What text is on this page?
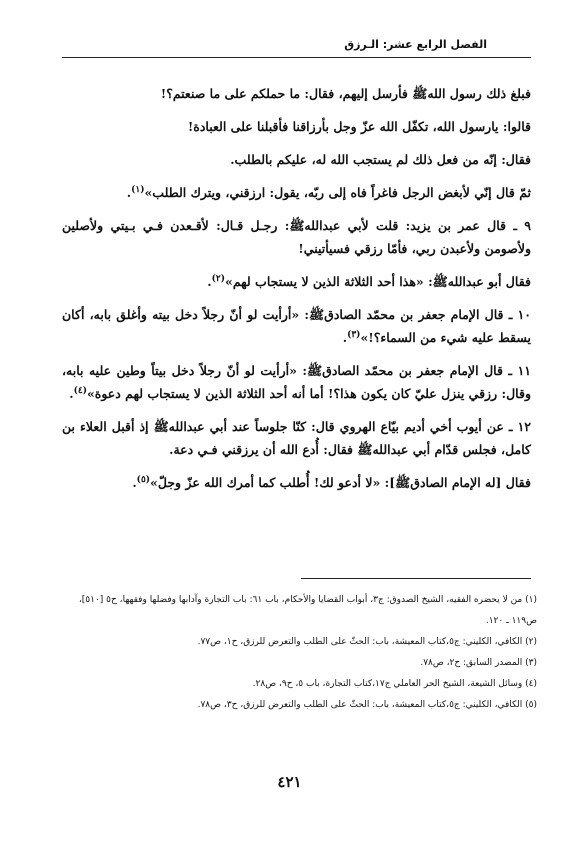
الفصل الرابع عشر: الـرزق

فبلغ ذلك رسول اللهﷺ فأرسل إليهم، فقال: ما حملكم على ما صنعتم؟!

قالوا: يارسول الله، تكفّل الله عزّ وجل بأرزاقنا فأقبلنا على العبادة!

فقال: إنّه من فعل ذلك لم يستجب الله له، عليكم بالطلب.

ثمّ قال إنّي لأبغض الرجل فاغراً فاه إلى ربّه، يقول: ارزقني، ويترك الطلب»$^{(١)}$.

٩ ـ قال عمر بن يزيد: قلت لأبي عبداللهﷺ: رجـل قـال: لأقـعدن فـي بـيتي ولأصلين ولأصومن ولأعبدن ربي، فأمّا رزقي فسيأتيني!

فقال أبو عبداللهﷺ: «هذا أحد الثلاثة الذين لا يستجاب لهم»$^{(٢)}$.

١٠ ـ قال الإمام جعفر بن محمّد الصادقﷺ: «أرأيت لو أنّ رجلاً دخل بيته وأغلق بابه، أكان يسقط عليه شيء من السماء؟!»$^{(٣)}$.

١١ ـ قال الإمام جعفر بن محمّد الصادقﷺ: «أرأيت لو أنّ رجلاً دخل بيتاً وطين عليه بابه، وقال: رزقي ينزل عليّ كان يكون هذا؟! أما أنه أحد الثلاثة الذين لا يستجاب لهم دعوة»$^{(٤)}$.

١٢ ـ عن أيوب أخي أديم بيّاع الهروي قال: كنّا جلوساً عند أبي عبداللهﷺ إذ أقبل العلاء بن كامل، فجلس قدّام أبي عبداللهﷺ فقال: أُدع الله أن يرزقني فـي دعة.

فقال [له الإمام الصادقﷺ]: «لا أدعو لك! أُطلب كما أمرك الله عزّ وجلّ»$^{(٥)}$.

(١) من لا يحضره الفقيه، الشيخ الصدوق: ج٣، أبواب القضايا والأحكام، باب ٦١: باب التجارة وآدابها وفضلها وفقهها، ح٥ [٥١٠]، ص١١٩ ـ ١٢٠.

(٢) الكافي، الكليني: ج٥،كتاب المعيشة، باب: الحثّ على الطلب والتعرض للرزق، ح١، ص٧٧.

(٣) المصدر السابق: ح٢، ص٧٨.

(٤) وسائل الشيعة، الشيخ الحر العاملي ج١٧،كتاب التجارة، باب ٥، ح٩، ص٢٨.

(٥) الكافي، الكليني: ج٥،كتاب المعيشة، باب: الحثّ على الطلب والتعرض للرزق، ح٣، ص٧٨.

٤٢١
